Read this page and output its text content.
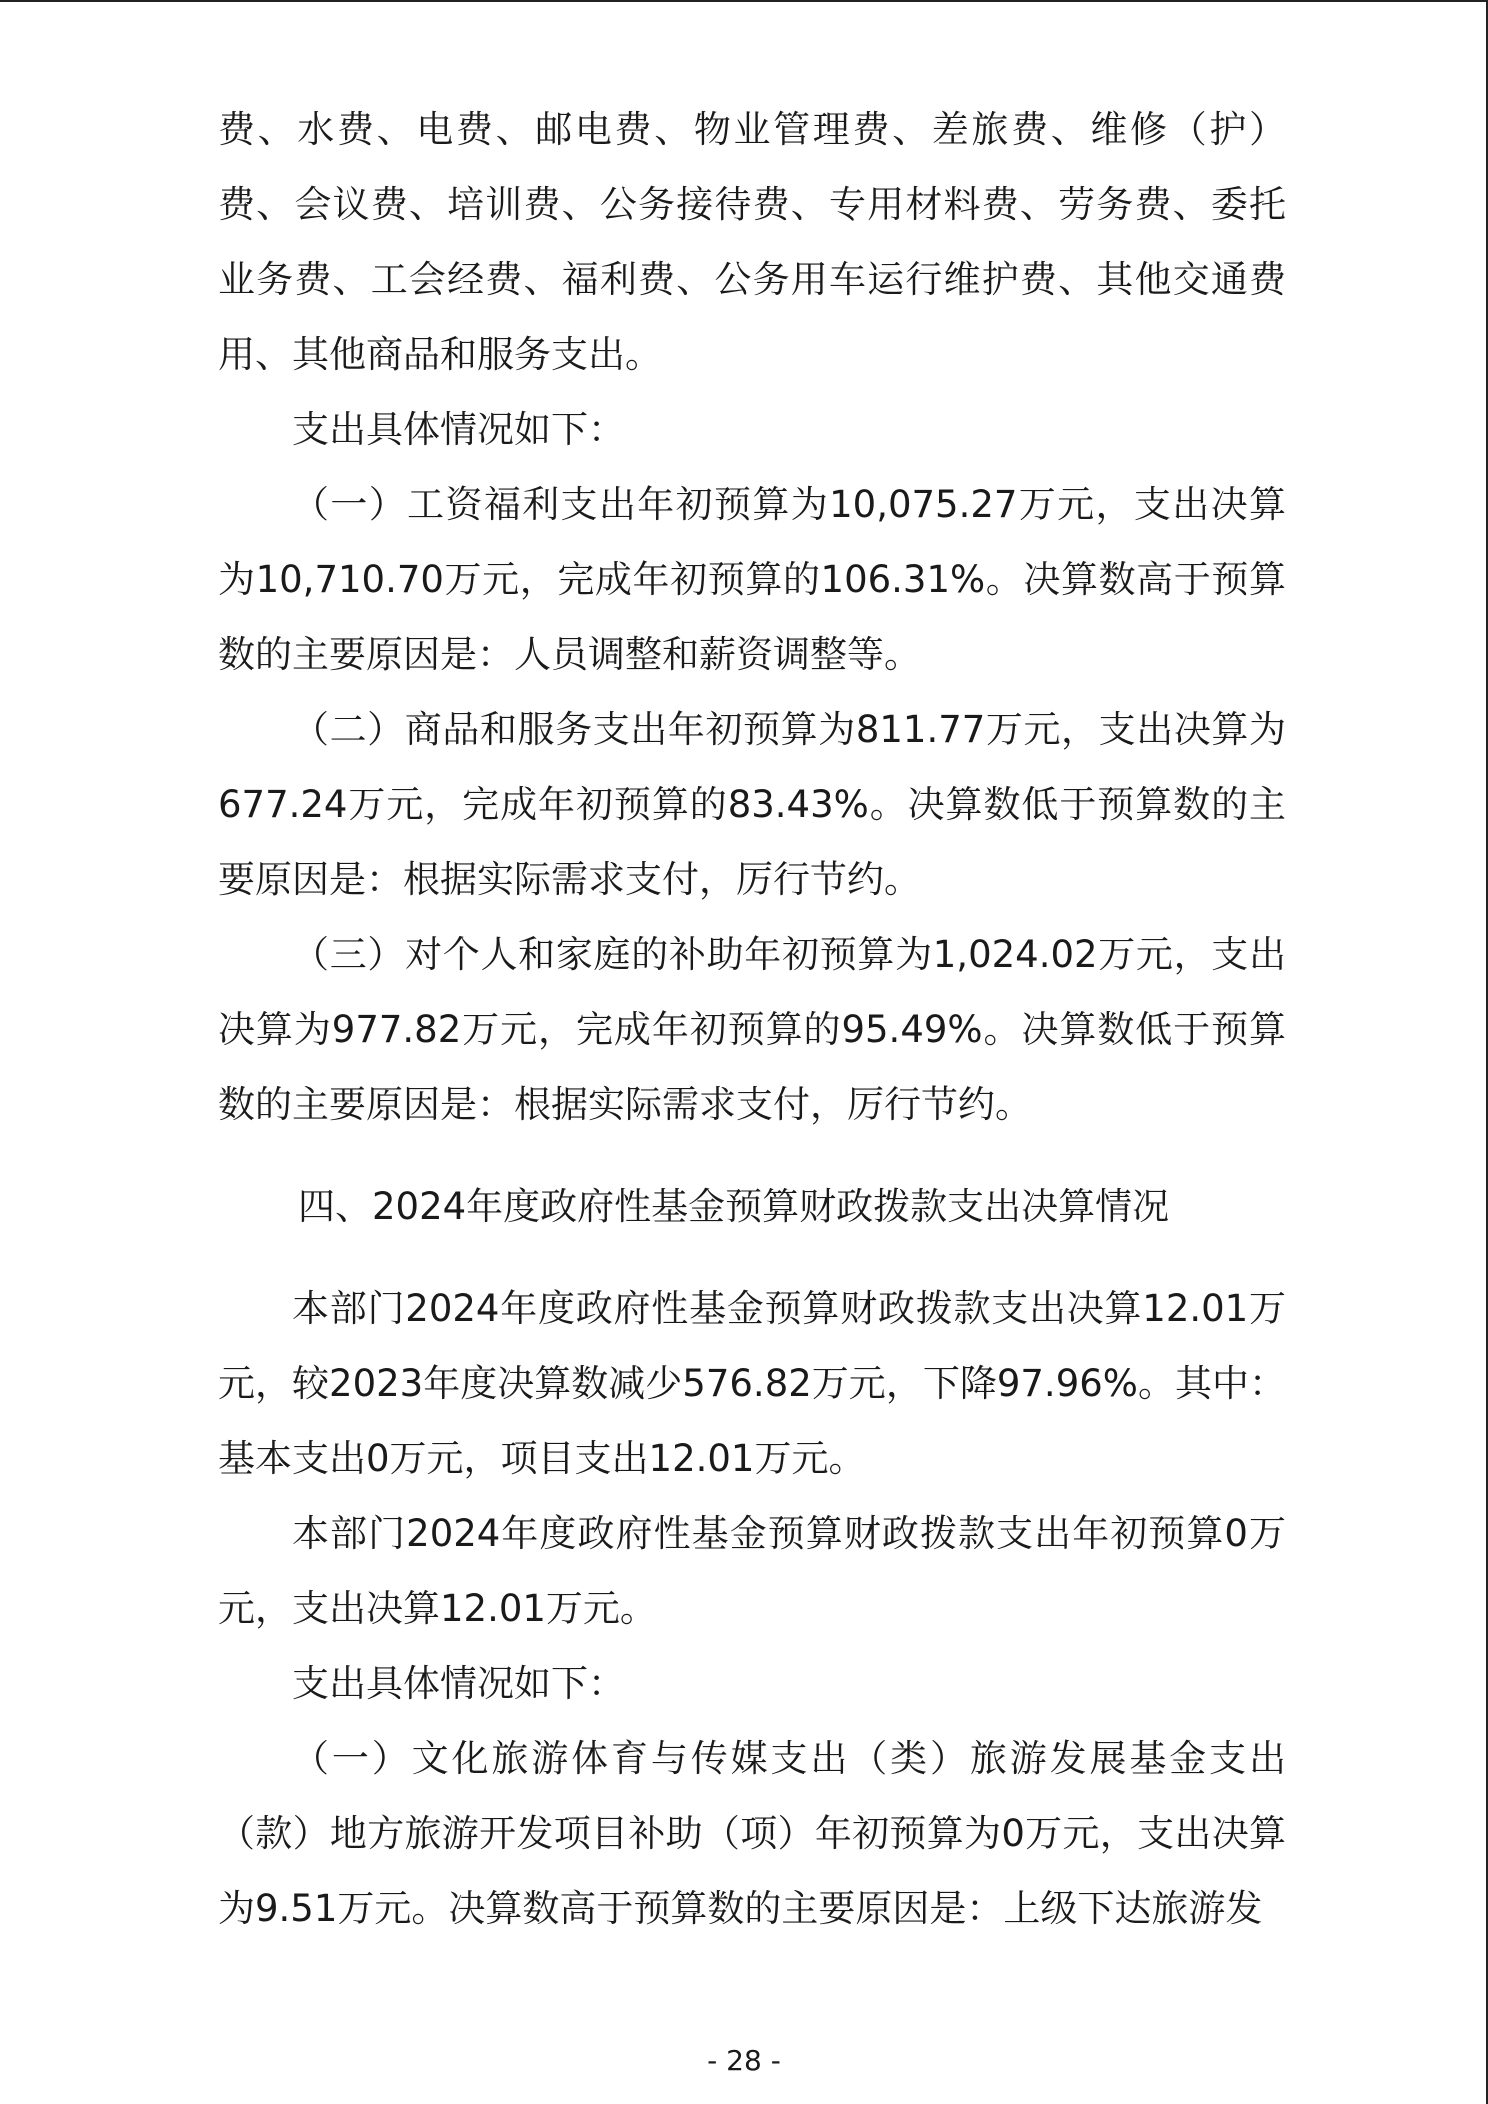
费、水费、电费、邮电费、物业管理费、差旅费、维修（护）费、会议费、培训费、公务接待费、专用材料费、劳务费、委托业务费、工会经费、福利费、公务用车运行维护费、其他交通费用、其他商品和服务支出。

支出具体情况如下：

（一）工资福利支出年初预算为10,075.27万元，支出决算为10,710.70万元，完成年初预算的106.31%。决算数高于预算数的主要原因是：人员调整和薪资调整等。

（二）商品和服务支出年初预算为811.77万元，支出决算为677.24万元，完成年初预算的83.43%。决算数低于预算数的主要原因是：根据实际需求支付，厉行节约。

（三）对个人和家庭的补助年初预算为1,024.02万元，支出决算为977.82万元，完成年初预算的95.49%。决算数低于预算数的主要原因是：根据实际需求支付，厉行节约。

四、2024年度政府性基金预算财政拨款支出决算情况

本部门2024年度政府性基金预算财政拨款支出决算12.01万元，较2023年度决算数减少576.82万元，下降97.96%。其中：基本支出0万元，项目支出12.01万元。

本部门2024年度政府性基金预算财政拨款支出年初预算0万元，支出决算12.01万元。

支出具体情况如下：

（一）文化旅游体育与传媒支出（类）旅游发展基金支出（款）地方旅游开发项目补助（项）年初预算为0万元，支出决算为9.51万元。决算数高于预算数的主要原因是：上级下达旅游发

- 28 -
